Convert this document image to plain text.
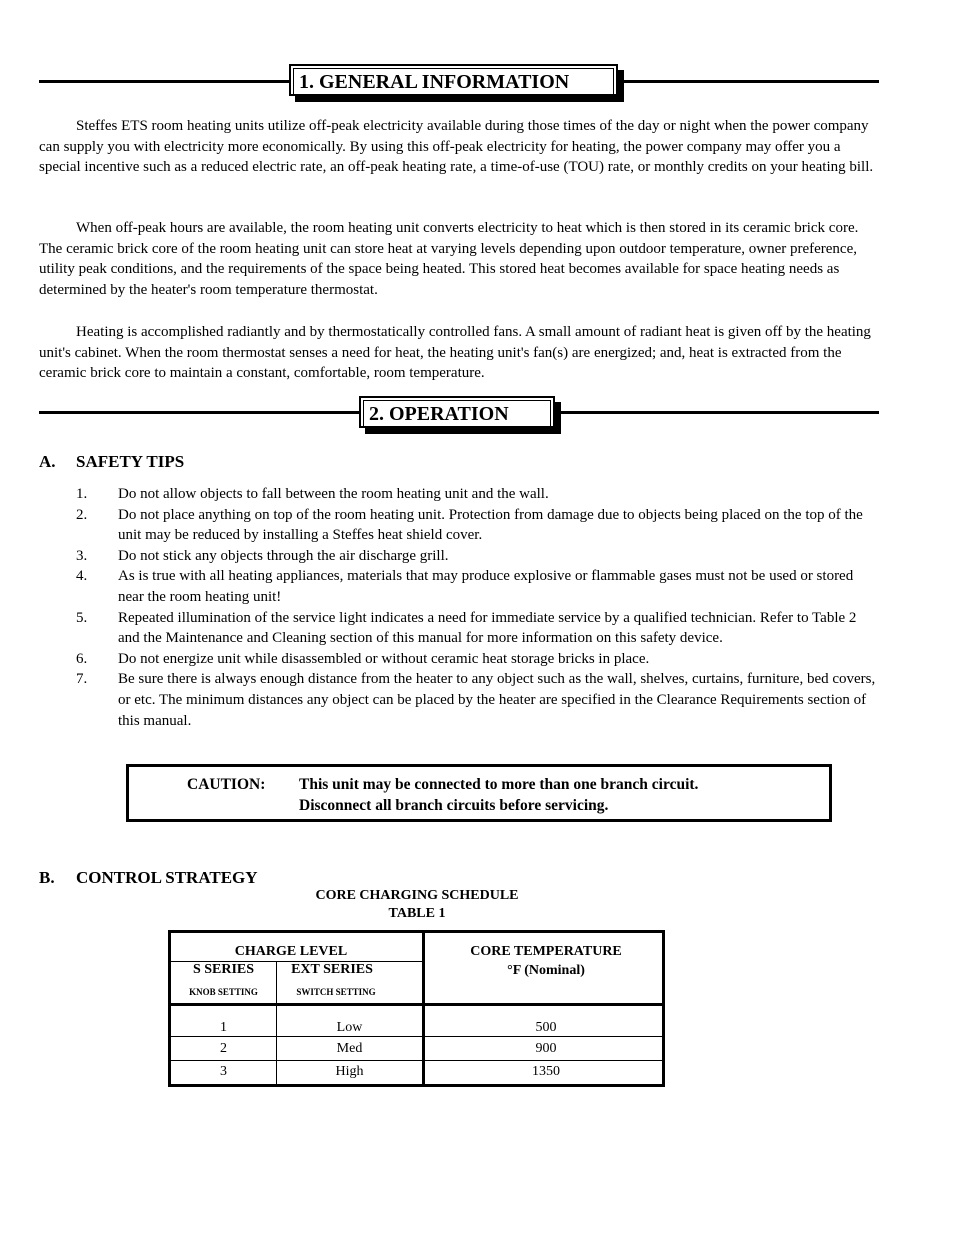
1. GENERAL INFORMATION

Steffes ETS room heating units utilize off-peak electricity available during those times of the day or night when the power company can supply you with electricity more economically. By using this off-peak electricity for heating, the power company may offer you a special incentive such as a reduced electric rate, an off-peak heating rate, a time-of-use (TOU) rate, or monthly credits on your heating bill.

When off-peak hours are available, the room heating unit converts electricity to heat which is then stored in its ceramic brick core. The ceramic brick core of the room heating unit can store heat at varying levels depending upon outdoor temperature, owner preference, utility peak conditions, and the requirements of the space being heated. This stored heat becomes available for space heating needs as determined by the heater's room temperature thermostat.

Heating is accomplished radiantly and by thermostatically controlled fans. A small amount of radiant heat is given off by the heating unit's cabinet. When the room thermostat senses a need for heat, the heating unit's fan(s) are energized; and, heat is extracted from the ceramic brick core to maintain a constant, comfortable, room temperature.

2. OPERATION
A. SAFETY TIPS
1. Do not allow objects to fall between the room heating unit and the wall.
2. Do not place anything on top of the room heating unit. Protection from damage due to objects being placed on the top of the unit may be reduced by installing a Steffes heat shield cover.
3. Do not stick any objects through the air discharge grill.
4. As is true with all heating appliances, materials that may produce explosive or flammable gases must not be used or stored near the room heating unit!
5. Repeated illumination of the service light indicates a need for immediate service by a qualified technician. Refer to Table 2 and the Maintenance and Cleaning section of this manual for more information on this safety device.
6. Do not energize unit while disassembled or without ceramic heat storage bricks in place.
7. Be sure there is always enough distance from the heater to any object such as the wall, shelves, curtains, furniture, bed covers, or etc. The minimum distances any object can be placed by the heater are specified in the Clearance Requirements section of this manual.
CAUTION: This unit may be connected to more than one branch circuit.
Disconnect all branch circuits before servicing.
B. CONTROL STRATEGY
CORE CHARGING SCHEDULE
TABLE 1
CHARGE LEVEL
S SERIES	EXT SERIES
KNOB SETTING	SWITCH SETTING
CORE TEMPERATURE
°F (Nominal)
1	Low	500
2	Med	900
3	High	1350
